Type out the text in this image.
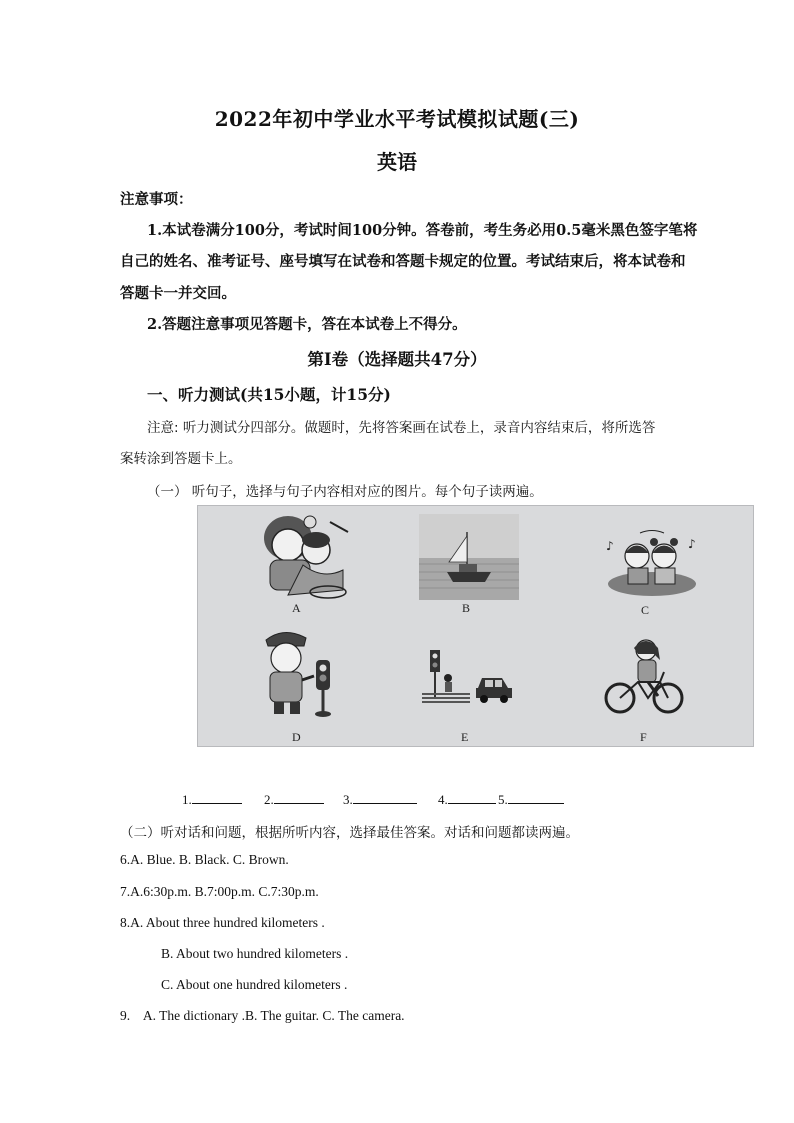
2022年初中学业水平考试模拟试题(三)
英语
注意事项：
1.本试卷满分100分，考试时间100分钟。答卷前，考生务必用0.5毫米黑色签字笔将
自己的姓名、准考证号、座号填写在试卷和答题卡规定的位置。考试结束后，将本试卷和
答题卡一并交回。
2.答题注意事项见答题卡，答在本试卷上不得分。
第Ⅰ卷（选择题共47分）
一、听力测试(共15小题，计15分)
注意: 听力测试分四部分。做题时，先将答案画在试卷上，录音内容结束后，将所选答
案转涂到答题卡上。
（一） 听句子，选择与句子内容相对应的图片。每个句子读两遍。
A	B
♪	♪
C
D	E	F
1.	2.	3.	4.	5.
（二）听对话和问题，根据所听内容，选择最佳答案。对话和问题都读两遍。
6.A. Blue. B. Black. C. Brown.
7.A.6:30p.m. B.7:00p.m. C.7:30p.m.
8.A. About three hundred kilometers .
B. About two hundred kilometers .
C. About one hundred kilometers .
9.    A. The dictionary .B. The guitar. C. The camera.
